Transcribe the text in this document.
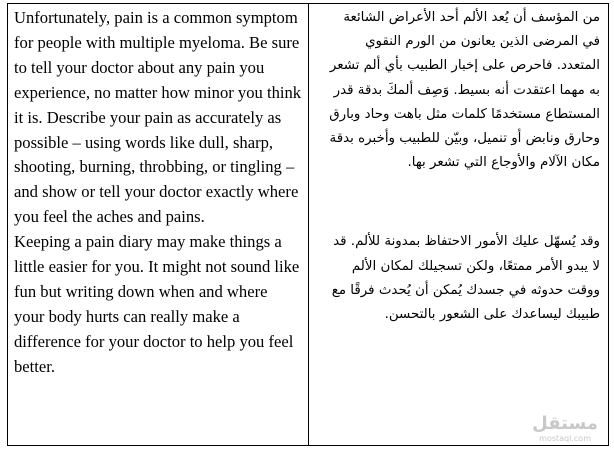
Unfortunately, pain is a common symptom for people with multiple myeloma. Be sure to tell your doctor about any pain you experience, no matter how minor you think it is. Describe your pain as accurately as possible – using words like dull, sharp, shooting, burning, throbbing, or tingling – and show or tell your doctor exactly where you feel the aches and pains.

Keeping a pain diary may make things a little easier for you. It might not sound like fun but writing down when and where your body hurts can really make a difference for your doctor to help you feel better.

من المؤسف أن يُعد الألم أحد الأعراض الشائعة في المرضى الذين يعانون من الورم النقوي المتعدد. فاحرص على إخبار الطبيب بأي ألم تشعر به مهما اعتقدت أنه بسيط. وَصِف ألمكَ بدقة قدر المستطاع مستخدمًا كلمات مثل باهت وحاد وبارق وحارق ونابض أو تنميل، وبيّن للطبيب وأخبره بدقة مكان الآلام والأوجاع التي تشعر بها.

وقد يُسهّل عليك الأمور الاحتفاظ بمدونة للألم. قد لا يبدو الأمر ممتعًا، ولكن تسجيلك لمكان الألم ووقت حدوثه في جسدك يُمكن أن يُحدث فرقًا مع طبيبك ليساعدك على الشعور بالتحسن.

مستقل
mostaql.com
